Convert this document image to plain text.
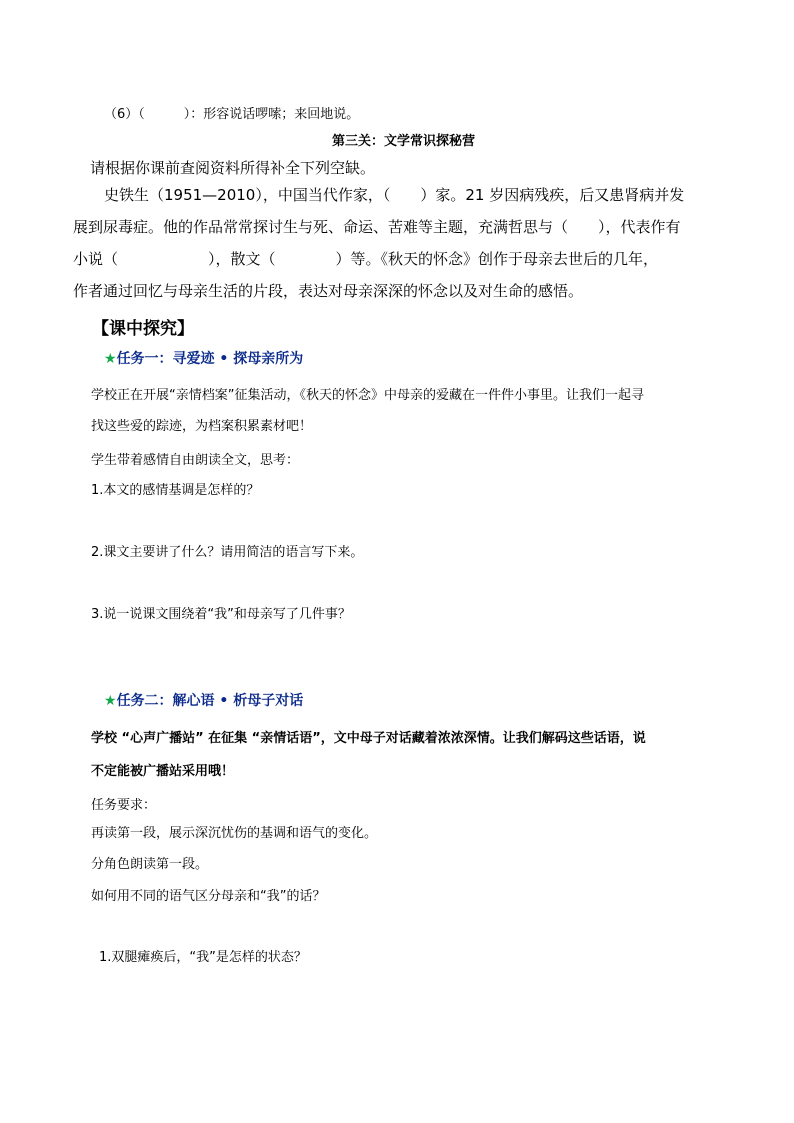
（6）（　　　）：形容说话啰嗦；来回地说。
第三关：文学常识探秘营
请根据你课前查阅资料所得补全下列空缺。
史铁生（1951—2010），中国当代作家，（　　）家。21 岁因病残疾，后又患肾病并发
展到尿毒症。他的作品常常探讨生与死、命运、苦难等主题，充满哲思与（　　），代表作有
小说（　　　　　　），散文（　　　　）等。《秋天的怀念》创作于母亲去世后的几年，
作者通过回忆与母亲生活的片段，表达对母亲深深的怀念以及对生命的感悟。
【课中探究】
★任务一：寻爱迹 • 探母亲所为
学校正在开展“亲情档案”征集活动，《秋天的怀念》中母亲的爱藏在一件件小事里。让我们一起寻
找这些爱的踪迹，为档案积累素材吧！
学生带着感情自由朗读全文，思考：
1.本文的感情基调是怎样的？
2.课文主要讲了什么？请用简洁的语言写下来。
3.说一说课文围绕着“我”和母亲写了几件事？
★任务二：解心语 • 析母子对话
学校 “心声广播站” 在征集 “亲情话语”，文中母子对话藏着浓浓深情。让我们解码这些话语，说
不定能被广播站采用哦！
任务要求：
再读第一段，展示深沉忧伤的基调和语气的变化。
分角色朗读第一段。
如何用不同的语气区分母亲和“我”的话？
1.双腿瘫痪后，“我”是怎样的状态？
